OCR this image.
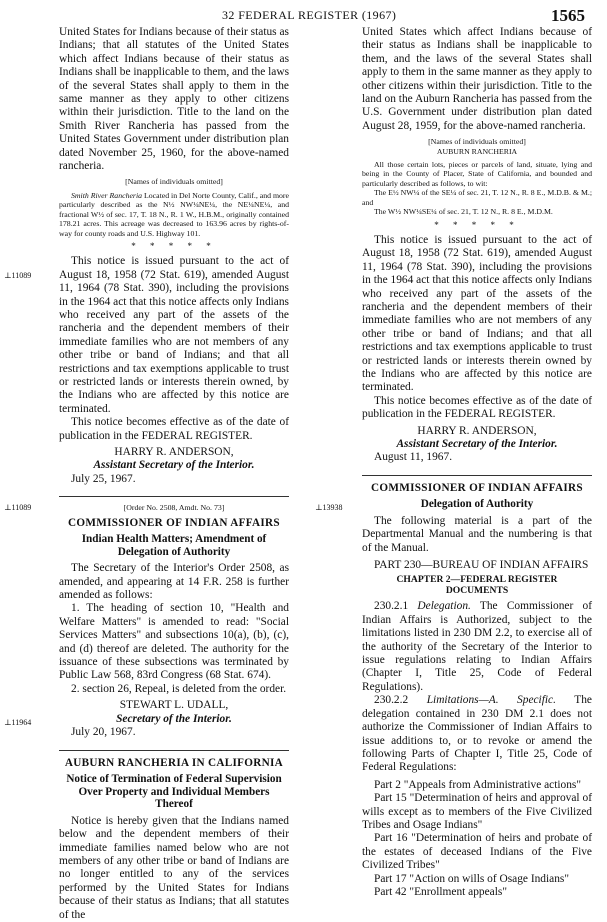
32 FEDERAL REGISTER (1967)	1565
⊥11089
⊥11089
⊥11964
⊥13938

United States for Indians because of their status as Indians; that all statutes of the United States which affect Indians because of their status as Indians shall be inapplicable to them, and the laws of the several States shall apply to them in the same manner as they apply to other citizens within their jurisdiction. Title to the land on the Smith River Rancheria has passed from the United States Government under distribution plan dated November 25, 1960, for the above-named rancheria.

[Names of individuals omitted]

Smith River Rancheria Located in Del Norte County, Calif., and more particularly described as the N½ NW¼NE¼, the NE¼NE¼, and fractional W½ of sec. 17, T. 18 N., R. 1 W., H.B.M., originally contained 178.21 acres. This acreage was decreased to 163.96 acres by rights-of-way for county roads and U.S. Highway 101.

* * * * *

This notice is issued pursuant to the act of August 18, 1958 (72 Stat. 619), amended August 11, 1964 (78 Stat. 390), including the provisions in the 1964 act that this notice affects only Indians who received any part of the assets of the rancheria and the dependent members of their immediate families who are not members of any other tribe or band of Indians; and that all restrictions and tax exemptions applicable to trust or restricted lands or interests therein owned, by the Indians who are affected by this notice are terminated.

This notice becomes effective as of the date of publication in the FEDERAL REGISTER.

HARRY R. ANDERSON,
Assistant Secretary of the Interior.
July 25, 1967.

[Order No. 2508, Amdt. No. 73]

COMMISSIONER OF INDIAN AFFAIRS
Indian Health Matters; Amendment of Delegation of Authority

The Secretary of the Interior's Order 2508, as amended, and appearing at 14 F.R. 258 is further amended as follows:

1. The heading of section 10, "Health and Welfare Matters" is amended to read: "Social Services Matters" and subsections 10(a), (b), (c), and (d) thereof are deleted. The authority for the issuance of these subsections was terminated by Public Law 568, 83rd Congress (68 Stat. 674).

2. section 26, Repeal, is deleted from the order.

STEWART L. UDALL,
Secretary of the Interior.
July 20, 1967.
AUBURN RANCHERIA IN CALIFORNIA
Notice of Termination of Federal Supervision Over Property and Individual Members Thereof

Notice is hereby given that the Indians named below and the dependent members of their immediate families named below who are not members of any other tribe or band of Indians are no longer entitled to any of the services performed by the United States for Indians because of their status as Indians; that all statutes of the

United States which affect Indians because of their status as Indians shall be inapplicable to them, and the laws of the several States shall apply to them in the same manner as they apply to other citizens within their jurisdiction. Title to the land on the Auburn Rancheria has passed from the U.S. Government under distribution plan dated August 28, 1959, for the above-named rancheria.

[Names of individuals omitted]

AUBURN RANCHERIA

All those certain lots, pieces or parcels of land, situate, lying and being in the County of Placer, State of California, and bounded and particularly described as follows, to wit:

The E½ NW¼ of the SE¼ of sec. 21, T. 12 N., R. 8 E., M.D.B. & M.; and

The W½ NW¼SE¼ of sec. 21, T. 12 N., R. 8 E., M.D.M.

* * * * *

This notice is issued pursuant to the act of August 18, 1958 (72 Stat. 619), amended August 11, 1964 (78 Stat. 390), including the provisions in the 1964 act that this notice affects only Indians who received any part of the assets of the rancheria and the dependent members of their immediate families who are not members of any other tribe or band of Indians; and that all restrictions and tax exemptions applicable to trust or restricted lands or interests therein owned by the Indians who are affected by this notice are terminated.

This notice becomes effective as of the date of publication in the FEDERAL REGISTER.

HARRY R. ANDERSON,
Assistant Secretary of the Interior.
August 11, 1967.
COMMISSIONER OF INDIAN AFFAIRS
Delegation of Authority

The following material is a part of the Departmental Manual and the numbering is that of the Manual.

PART 230—BUREAU OF INDIAN AFFAIRS

CHAPTER 2—FEDERAL REGISTER DOCUMENTS

230.2.1 Delegation. The Commissioner of Indian Affairs is Authorized, subject to the limitations listed in 230 DM 2.2, to exercise all of the authority of the Secretary of the Interior to issue regulations relating to Indian Affairs (Chapter I, Title 25, Code of Federal Regulations).

230.2.2 Limitations—A. Specific. The delegation contained in 230 DM 2.1 does not authorize the Commissioner of Indian Affairs to issue additions to, or to revoke or amend the following Parts of Chapter I, Title 25, Code of Federal Regulations:

Part 2 "Appeals from Administrative actions"

Part 15 "Determination of heirs and approval of wills except as to members of the Five Civilized Tribes and Osage Indians"

Part 16 "Determination of heirs and probate of the estates of deceased Indians of the Five Civilized Tribes"

Part 17 "Action on wills of Osage Indians"

Part 42 "Enrollment appeals"
